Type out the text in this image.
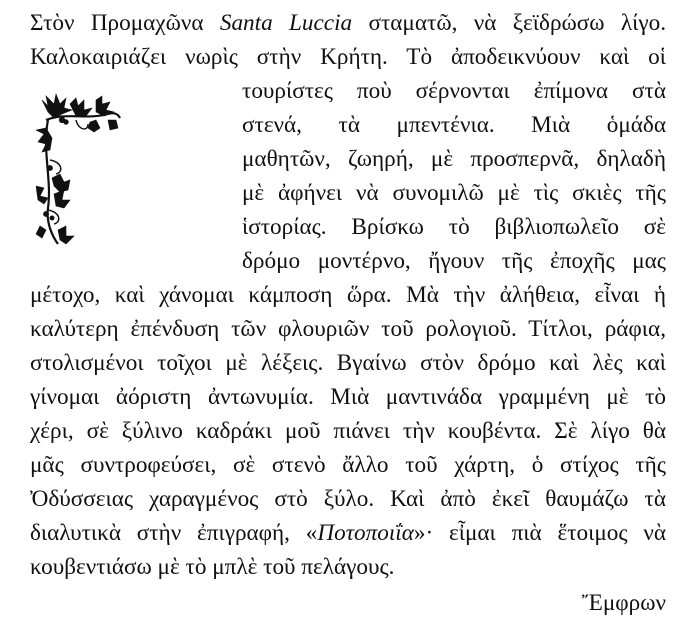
Στὸν Προμαχῶνα Santa Luccia σταματῶ, νὰ ξεϊδρώσω λίγο.
Καλοκαιριάζει νωρὶς στὴν Κρήτη. Τὸ ἀποδεικνύουν καὶ οἱ
τουρίστες ποὺ σέρνονται ἐπίμονα στὰ
στενά, τὰ μπεντένια. Μιὰ ὁμάδα
μαθητῶν, ζωηρή, μὲ προσπερνᾶ, δηλαδὴ
μὲ ἀφήνει νὰ συνομιλῶ μὲ τὶς σκιὲς τῆς
ἱστορίας. Βρίσκω τὸ βιβλιοπωλεῖο σὲ
δρόμο μοντέρνο, ἤγουν τῆς ἐποχῆς μας
μέτοχο, καὶ χάνομαι κάμποση ὥρα. Μὰ τὴν ἀλήθεια, εἶναι ἡ
καλύτερη ἐπένδυση τῶν φλουριῶν τοῦ ρολογιοῦ. Τίτλοι, ράφια,
στολισμένοι τοῖχοι μὲ λέξεις. Βγαίνω στὸν δρόμο καὶ λὲς καὶ
γίνομαι ἀόριστη ἀντωνυμία. Μιὰ μαντινάδα γραμμένη μὲ τὸ
χέρι, σὲ ξύλινο καδράκι μοῦ πιάνει τὴν κουβέντα. Σὲ λίγο θὰ
μᾶς συντροφεύσει, σὲ στενὸ ἄλλο τοῦ χάρτη, ὁ στίχος τῆς
Ὀδύσσειας χαραγμένος στὸ ξύλο. Καὶ ἀπὸ ἐκεῖ θαυμάζω τὰ
διαλυτικὰ στὴν ἐπιγραφή, «Ποτοποιΐα»· εἶμαι πιὰ ἕτοιμος νὰ
κουβεντιάσω μὲ τὸ μπλὲ τοῦ πελάγους.
Ἔμφρων
